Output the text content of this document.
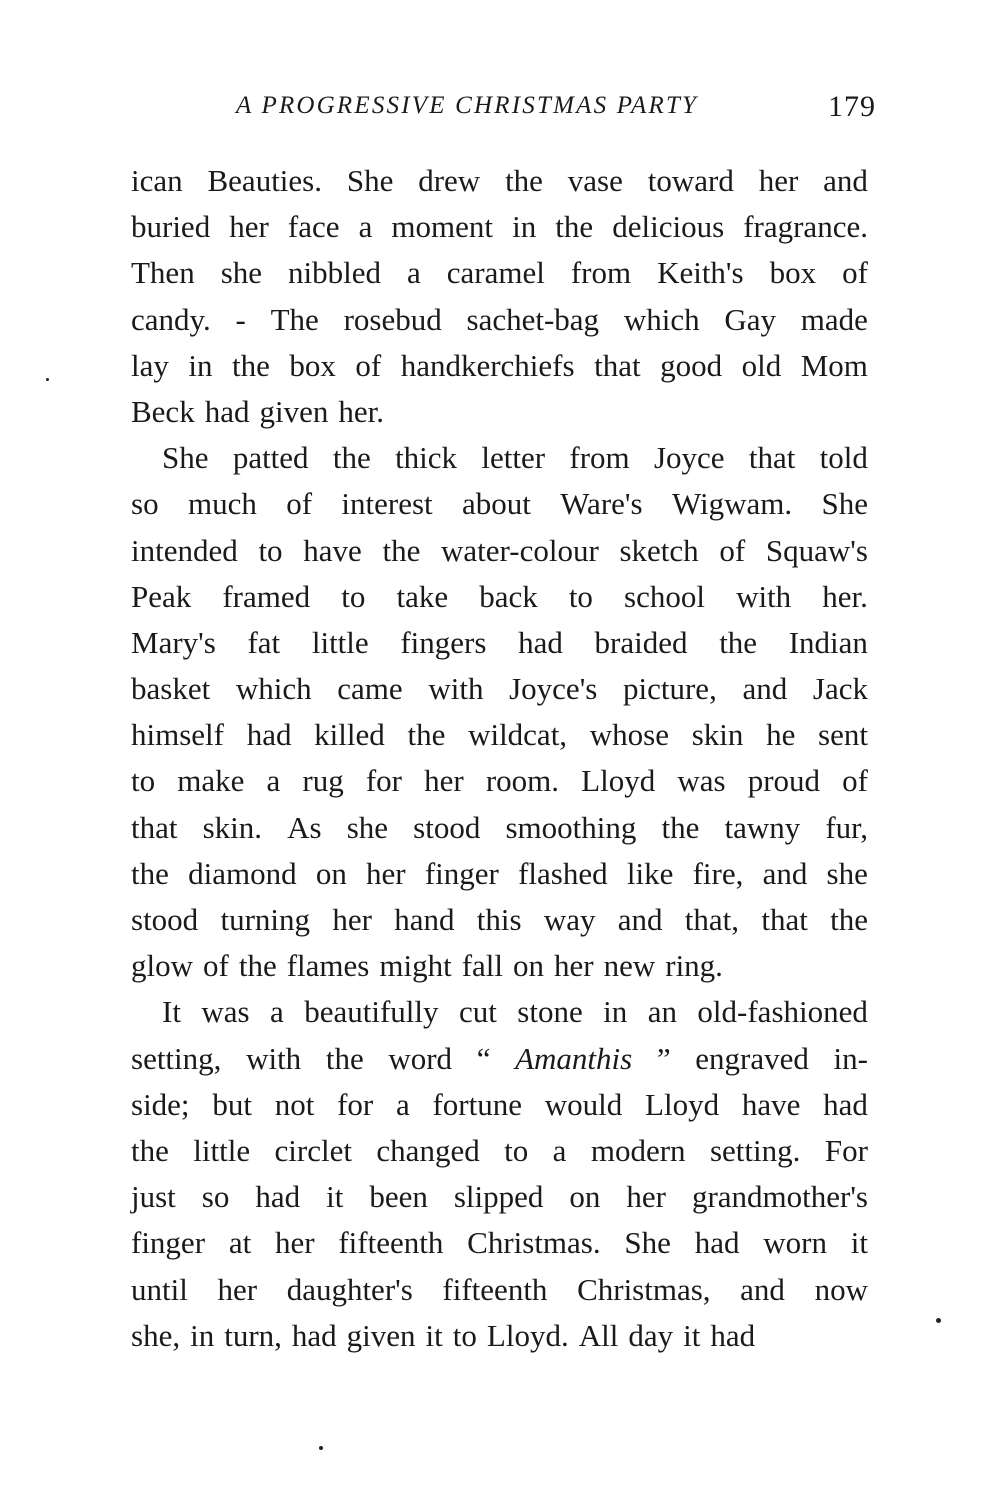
A PROGRESSIVE CHRISTMAS PARTY	179
ican Beauties. She drew the vase toward her and
buried her face a moment in the delicious fragrance.
Then she nibbled a caramel from Keith's box of
candy. - The rosebud sachet-bag which Gay made
lay in the box of handkerchiefs that good old Mom
Beck had given her.
She patted the thick letter from Joyce that told
so much of interest about Ware's Wigwam. She
intended to have the water-colour sketch of Squaw's
Peak framed to take back to school with her.
Mary's fat little fingers had braided the Indian
basket which came with Joyce's picture, and Jack
himself had killed the wildcat, whose skin he sent
to make a rug for her room. Lloyd was proud of
that skin. As she stood smoothing the tawny fur,
the diamond on her finger flashed like fire, and she
stood turning her hand this way and that, that the
glow of the flames might fall on her new ring.
It was a beautifully cut stone in an old-fashioned
setting, with the word “ Amanthis ” engraved in-
side; but not for a fortune would Lloyd have had
the little circlet changed to a modern setting. For
just so had it been slipped on her grandmother's
finger at her fifteenth Christmas. She had worn it
until her daughter's fifteenth Christmas, and now
she, in turn, had given it to Lloyd. All day it had
